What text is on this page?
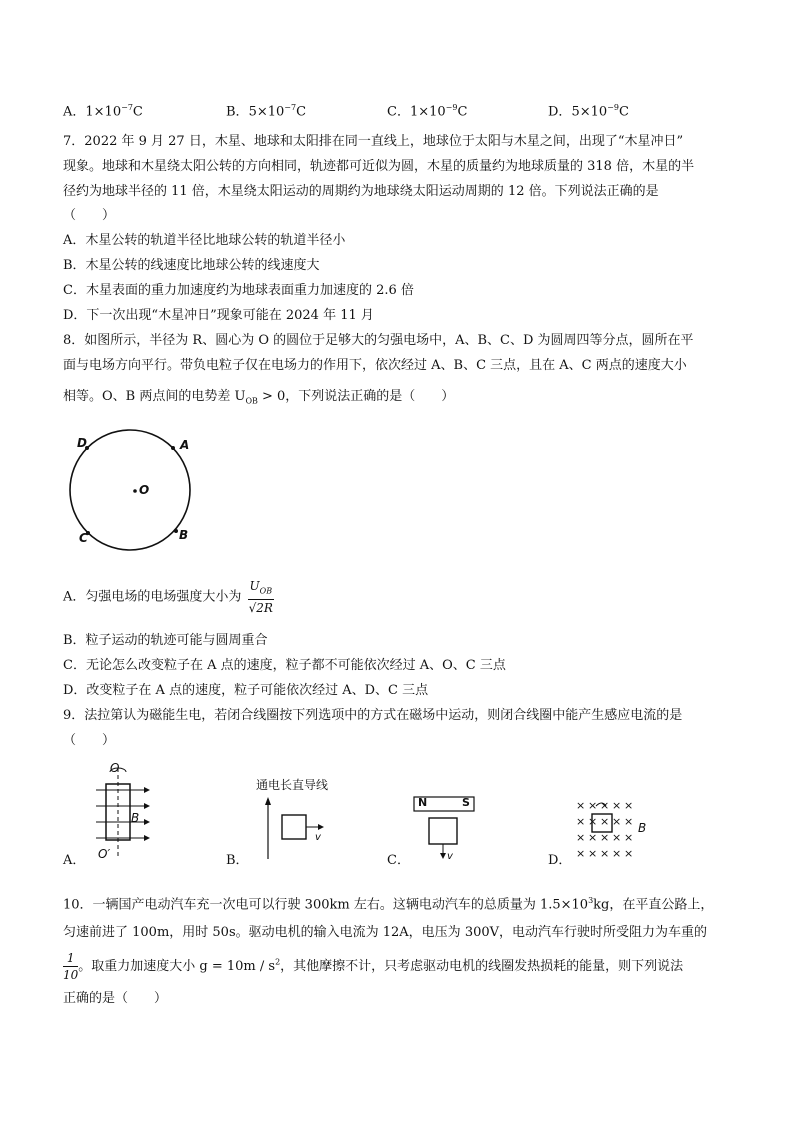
A．$1\times 10^{-7}C$	B．$5\times 10^{-7}C$	C．$1\times 10^{-9}C$	D．$5\times 10^{-9}C$
7．2022 年 9 月 27 日，木星、地球和太阳排在同一直线上，地球位于太阳与木星之间，出现了“木星冲日”
现象。地球和木星绕太阳公转的方向相同，轨迹都可近似为圆，木星的质量约为地球质量的 318 倍，木星的半
径约为地球半径的 11 倍，木星绕太阳运动的周期约为地球绕太阳运动周期的 12 倍。下列说法正确的是
（　　）
A．木星公转的轨道半径比地球公转的轨道半径小
B．木星公转的线速度比地球公转的线速度大
C．木星表面的重力加速度约为地球表面重力加速度的 2.6 倍
D．下一次出现“木星冲日”现象可能在 2024 年 11 月
8．如图所示，半径为 R、圆心为 O 的圆位于足够大的匀强电场中，A、B、C、D 为圆周四等分点，圆所在平
面与电场方向平行。带负电粒子仅在电场力的作用下，依次经过 A、B、C 三点，且在 A、C 两点的速度大小
相等。O、B 两点间的电势差 $U_{OB} > 0$，下列说法正确的是（　　）
D	A
O
C	B
A．匀强电场的电场强度大小为 $\frac{U_{OB}}{√2R}$
B．粒子运动的轨迹可能与圆周重合
C．无论怎么改变粒子在 A 点的速度，粒子都不可能依次经过 A、O、C 三点
D．改变粒子在 A 点的速度，粒子可能依次经过 A、D、C 三点
9．法拉第认为磁能生电，若闭合线圈按下列选项中的方式在磁场中运动，则闭合线圈中能产生感应电流的是
（　　）
O
B
O′
A．
通电长直导线
v
B．
N	S
v
C．
× × × × ×
× × × × ×
× × × × ×
× × × × ×
B
D．
10．一辆国产电动汽车充一次电可以行驶 300km 左右。这辆电动汽车的总质量为 $1.5\times 10^3kg$，在平直公路上，
匀速前进了 100m，用时 50s。驱动电机的输入电流为 12A，电压为 300V，电动汽车行驶时所受阻力为车重的
$\frac{1}{10}$ 。取重力加速度大小 $g = 10m / s^2$，其他摩擦不计，只考虑驱动电机的线圈发热损耗的能量，则下列说法
正确的是（　　）
